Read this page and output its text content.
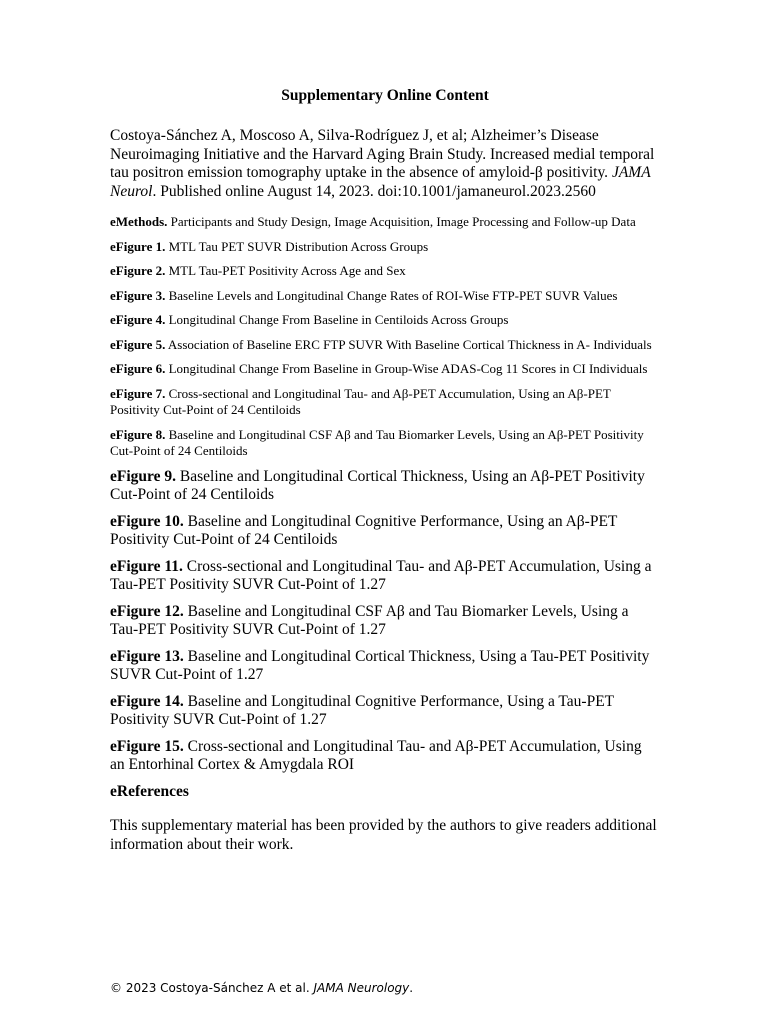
Supplementary Online Content

Costoya-Sánchez A, Moscoso A, Silva-Rodríguez J, et al; Alzheimer’s Disease Neuroimaging Initiative and the Harvard Aging Brain Study. Increased medial temporal tau positron emission tomography uptake in the absence of amyloid-β positivity. JAMA Neurol. Published online August 14, 2023. doi:10.1001/jamaneurol.2023.2560

eMethods. Participants and Study Design, Image Acquisition, Image Processing and Follow-up Data

eFigure 1. MTL Tau PET SUVR Distribution Across Groups

eFigure 2. MTL Tau-PET Positivity Across Age and Sex

eFigure 3. Baseline Levels and Longitudinal Change Rates of ROI-Wise FTP-PET SUVR Values

eFigure 4. Longitudinal Change From Baseline in Centiloids Across Groups

eFigure 5. Association of Baseline ERC FTP SUVR With Baseline Cortical Thickness in A- Individuals

eFigure 6. Longitudinal Change From Baseline in Group-Wise ADAS-Cog 11 Scores in CI Individuals

eFigure 7. Cross-sectional and Longitudinal Tau- and Aβ-PET Accumulation, Using an Aβ-PET Positivity Cut-Point of 24 Centiloids

eFigure 8. Baseline and Longitudinal CSF Aβ and Tau Biomarker Levels, Using an Aβ-PET Positivity Cut-Point of 24 Centiloids

eFigure 9. Baseline and Longitudinal Cortical Thickness, Using an Aβ-PET Positivity Cut-Point of 24 Centiloids

eFigure 10. Baseline and Longitudinal Cognitive Performance, Using an Aβ-PET Positivity Cut-Point of 24 Centiloids

eFigure 11. Cross-sectional and Longitudinal Tau- and Aβ-PET Accumulation, Using a Tau-PET Positivity SUVR Cut-Point of 1.27

eFigure 12. Baseline and Longitudinal CSF Aβ and Tau Biomarker Levels, Using a Tau-PET Positivity SUVR Cut-Point of 1.27

eFigure 13. Baseline and Longitudinal Cortical Thickness, Using a Tau-PET Positivity SUVR Cut-Point of 1.27

eFigure 14. Baseline and Longitudinal Cognitive Performance, Using a Tau-PET Positivity SUVR Cut-Point of 1.27

eFigure 15. Cross-sectional and Longitudinal Tau- and Aβ-PET Accumulation, Using an Entorhinal Cortex & Amygdala ROI

eReferences

This supplementary material has been provided by the authors to give readers additional information about their work.

© 2023 Costoya-Sánchez A et al. JAMA Neurology.
